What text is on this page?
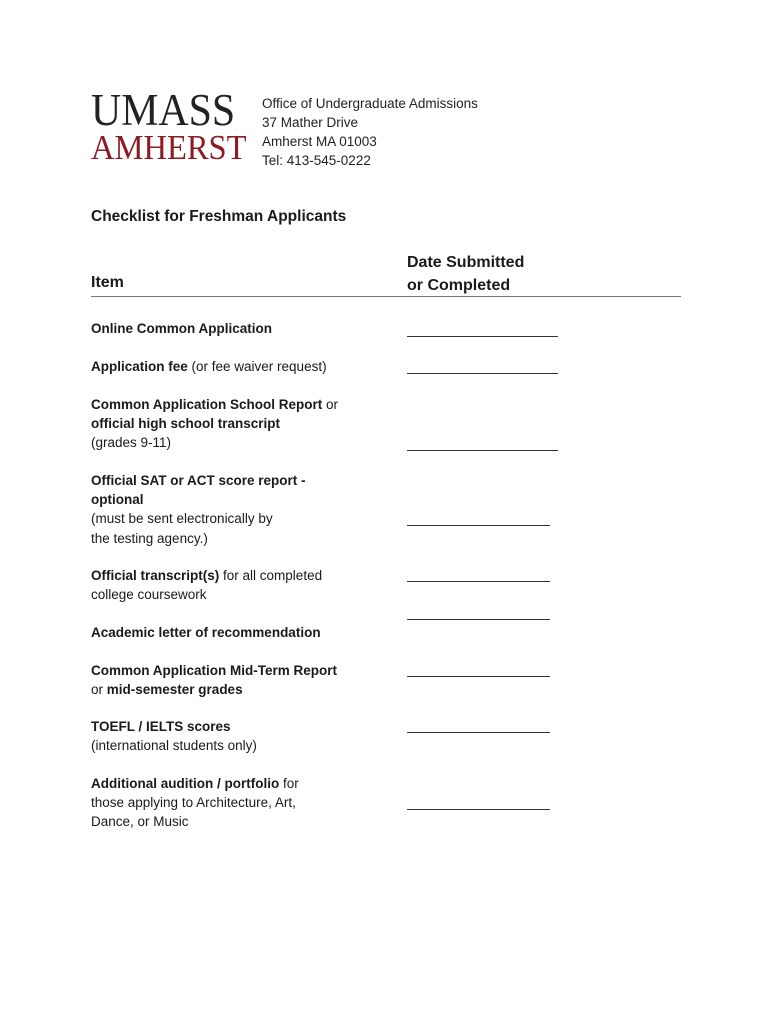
UMASS
AMHERST
Office of Undergraduate Admissions
37 Mather Drive
Amherst MA 01003
Tel: 413-545-0222
Checklist for Freshman Applicants
Item
Date Submitted
or Completed
Online Common Application
Application fee (or fee waiver request)
Common Application School Report or
official high school transcript
(grades 9-11)
Official SAT or ACT score report -
optional
(must be sent electronically by
the testing agency.)
Official transcript(s) for all completed
college coursework
Academic letter of recommendation
Common Application Mid-Term Report
or mid-semester grades
TOEFL / IELTS scores
(international students only)
Additional audition / portfolio for
those applying to Architecture, Art,
Dance, or Music
